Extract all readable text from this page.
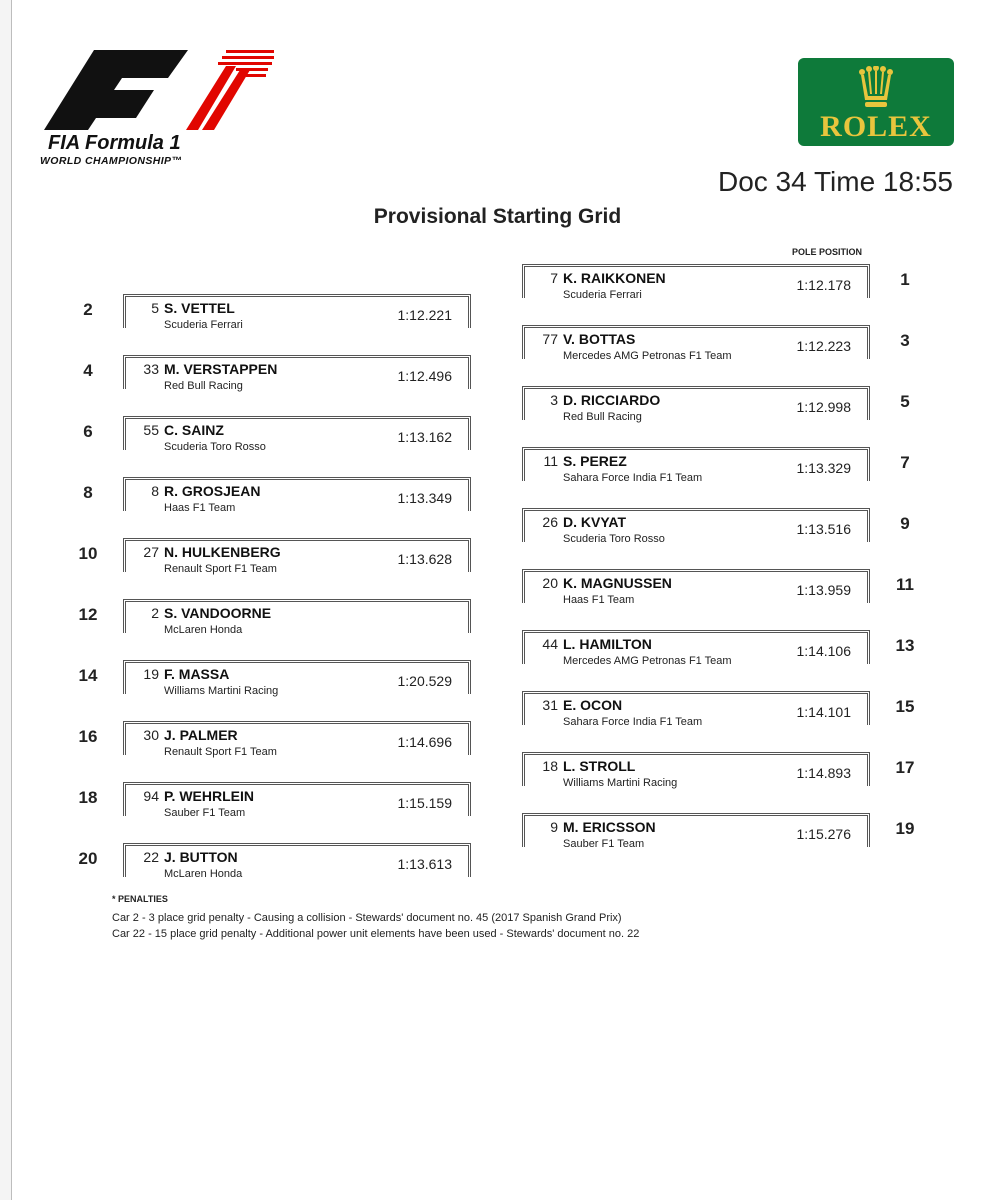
FIA Formula 1
WORLD CHAMPIONSHIP™
ROLEX
Doc 34 Time 18:55
Provisional Starting Grid
POLE POSITION
7 K. RAIKKONEN
Scuderia Ferrari
1:12.178	1
5 S. VETTEL
Scuderia Ferrari
1:12.221
2
77 V. BOTTAS
Mercedes AMG Petronas F1 Team
1:12.223	3
33 M. VERSTAPPEN
Red Bull Racing
1:12.496
4
3 D. RICCIARDO
Red Bull Racing
1:12.998	5
55 C. SAINZ
Scuderia Toro Rosso
1:13.162
6
11 S. PEREZ
Sahara Force India F1 Team
1:13.329	7
8 R. GROSJEAN
Haas F1 Team
1:13.349
8
26 D. KVYAT
Scuderia Toro Rosso
1:13.516	9
27 N. HULKENBERG
Renault Sport F1 Team
1:13.628
10
20 K. MAGNUSSEN
Haas F1 Team
1:13.959	11
2 S. VANDOORNE
McLaren Honda
12
44 L. HAMILTON
Mercedes AMG Petronas F1 Team
1:14.106	13
19 F. MASSA
Williams Martini Racing
1:20.529
14
31 E. OCON
Sahara Force India F1 Team
1:14.101	15
30 J. PALMER
Renault Sport F1 Team
1:14.696
16
18 L. STROLL
Williams Martini Racing
1:14.893	17
94 P. WEHRLEIN
Sauber F1 Team
1:15.159
18
9 M. ERICSSON
Sauber F1 Team
1:15.276	19
22 J. BUTTON
McLaren Honda
1:13.613
20
* PENALTIES
Car 2 - 3 place grid penalty - Causing a collision - Stewards' document no. 45 (2017 Spanish Grand Prix)
Car 22 - 15 place grid penalty - Additional power unit elements have been used - Stewards' document no. 22
